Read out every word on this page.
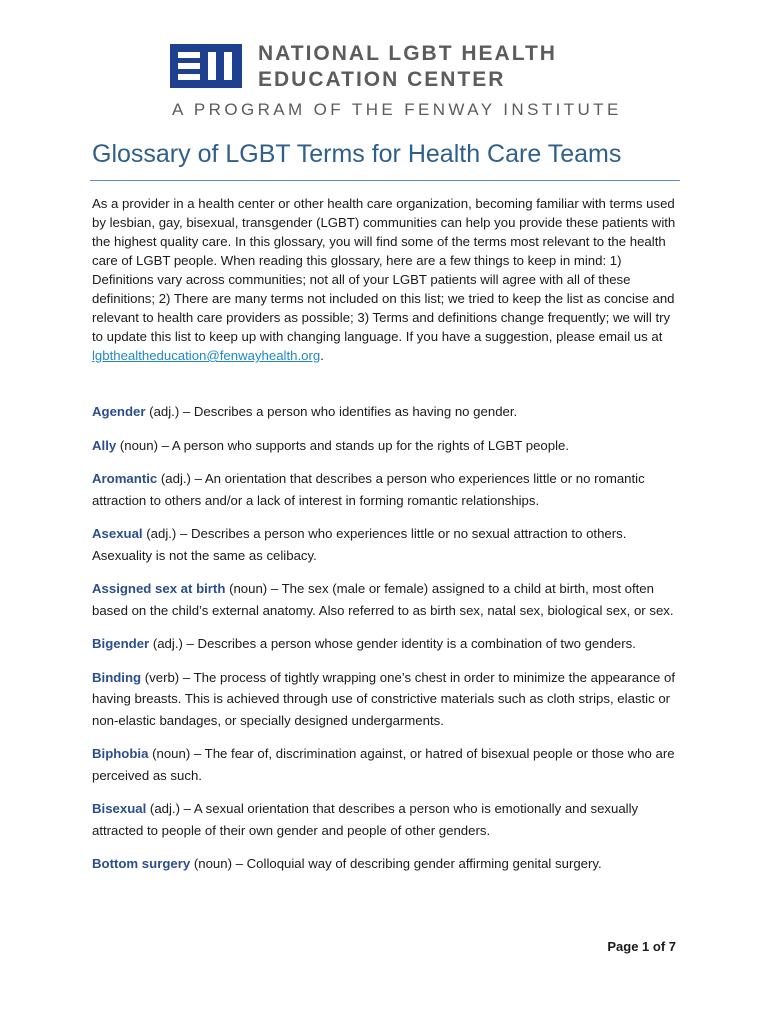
NATIONAL LGBT HEALTH
EDUCATION CENTER
A PROGRAM OF THE FENWAY INSTITUTE
Glossary of LGBT Terms for Health Care Teams

As a provider in a health center or other health care organization, becoming familiar with terms used by lesbian, gay, bisexual, transgender (LGBT) communities can help you provide these patients with the highest quality care. In this glossary, you will find some of the terms most relevant to the health care of LGBT people. When reading this glossary, here are a few things to keep in mind: 1) Definitions vary across communities; not all of your LGBT patients will agree with all of these definitions; 2) There are many terms not included on this list; we tried to keep the list as concise and relevant to health care providers as possible; 3) Terms and definitions change frequently; we will try to update this list to keep up with changing language. If you have a suggestion, please email us at lgbthealtheducation@fenwayhealth.org.

Agender (adj.) – Describes a person who identifies as having no gender.

Ally (noun) – A person who supports and stands up for the rights of LGBT people.

Aromantic (adj.) – An orientation that describes a person who experiences little or no romantic attraction to others and/or a lack of interest in forming romantic relationships.

Asexual (adj.) – Describes a person who experiences little or no sexual attraction to others. Asexuality is not the same as celibacy.

Assigned sex at birth (noun) – The sex (male or female) assigned to a child at birth, most often based on the child’s external anatomy. Also referred to as birth sex, natal sex, biological sex, or sex.

Bigender (adj.) – Describes a person whose gender identity is a combination of two genders.

Binding (verb) – The process of tightly wrapping one’s chest in order to minimize the appearance of having breasts. This is achieved through use of constrictive materials such as cloth strips, elastic or non-elastic bandages, or specially designed undergarments.

Biphobia (noun) – The fear of, discrimination against, or hatred of bisexual people or those who are perceived as such.

Bisexual (adj.) – A sexual orientation that describes a person who is emotionally and sexually attracted to people of their own gender and people of other genders.

Bottom surgery (noun) – Colloquial way of describing gender affirming genital surgery.

Page 1 of 7
